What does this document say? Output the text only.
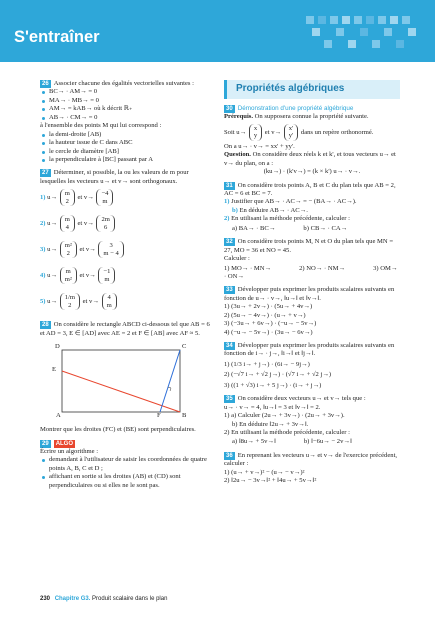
S'entraîner

26 Associer chacune des égalités vectorielles suivantes :

BC→ · AM→ = 0

MA→ · MB→ = 0

AM→ = kAB→ où k décrit ℝ₊

AB→ · CM→ = 0

à l'ensemble des points M qui lui correspond :

la demi-droite [AB)

la hauteur issue de C dans ABC

le cercle de diamètre [AB]

la perpendiculaire à [BC] passant par A

27 Déterminer, si possible, la ou les valeurs de m pour lesquelles les vecteurs u→ et v→ sont orthogonaux.

1) u→
m
2 et v→
−4
m
2) u→
m
4 et v→
2m
6
3) u→
m²
2 et v→
3
m − 4
4) u→
m
m² et v→
−1
m
5) u→
1/m
2 et v→
4
m

28 On considère le rectangle ABCD ci-dessous tel que AB = 6 et AD = 3, E ∈ [AD] avec AE = 2 et F ∈ [AB] avec AF ≈ 5.

D	C
E
A	F	B

Montrer que les droites (FC) et (BE) sont perpendiculaires.

29 ALGO

Écrire un algorithme :

demandant à l'utilisateur de saisir les coordonnées de quatre points A, B, C et D ;

affichant en sortie si les droites (AB) et (CD) sont perpendiculaires ou si elles ne le sont pas.

Propriétés algébriques

30 Démonstration d'une propriété algébrique

Prérequis. On supposera connue la propriété suivante.

Soit u→
x
y et v→
x'
y' dans un repère orthonormé.

On a u→ · v→ = xx' + yy'.

Question. On considère deux réels k et k', et tous vecteurs u→ et v→ du plan, on a :

(ku→) · (k'v→) = (k × k') u→ · v→.

31 On considère trois points A, B et C du plan tels que AB = 2, AC = 6 et BC = 7.

1) Justifier que AB→ · AC→ = − (BA→ · AC→).

b) En déduire AB→ · AC→.

2) En utilisant la méthode précédente, calculer :

a) BA→ · BC→	b) CB→ · CA→

32 On considère trois points M, N et O du plan tels que MN = 27, MO = 36 et NO = 45.

Calculer :

1) MO→ · MN→	2) NO→ · NM→	3) OM→ · ON→

33 Développer puis exprimer les produits scalaires suivants en fonction de u→ · v→, ‖u→‖ et ‖v→‖.

1) (3u→ + 2v→) · (5u→ + 4v→)

2) (5u→ − 4v→) · (u→ + v→)

3) (−3u→ + 6v→) · (−u→ − 5v→)

4) (−u→ − 5v→) · (3u→ − 6v→)

34 Développer puis exprimer les produits scalaires suivants en fonction de i→ · j→, ‖i→‖ et ‖j→‖.

1) (1/3 i→ + j→) · (6i→ − 9j→)

2) (−√7 i→ + √2 j→) · (√7 i→ + √2 j→)

3) ((1 + √3) i→ + 5 j→) · (i→ + j→)

35 On considère deux vecteurs u→ et v→ tels que :

u→ · v→ = 4, ‖u→‖ = 3 et ‖v→‖ = 2.

1) a) Calculer (2u→ + 3v→) · (2u→ + 3v→).

b) En déduire ‖2u→ + 3v→‖.

2) En utilisant la méthode précédente, calculer :

a) ‖8u→ + 5v→‖	b) ‖−6u→ − 2v→‖

36 En reprenant les vecteurs u→ et v→ de l'exercice précédent, calculer :

1) (u→ + v→)² − (u→ − v→)²

2) ‖2u→ − 3v→‖² + ‖4u→ + 5v→‖²

230 Chapitre G3. Produit scalaire dans le plan
